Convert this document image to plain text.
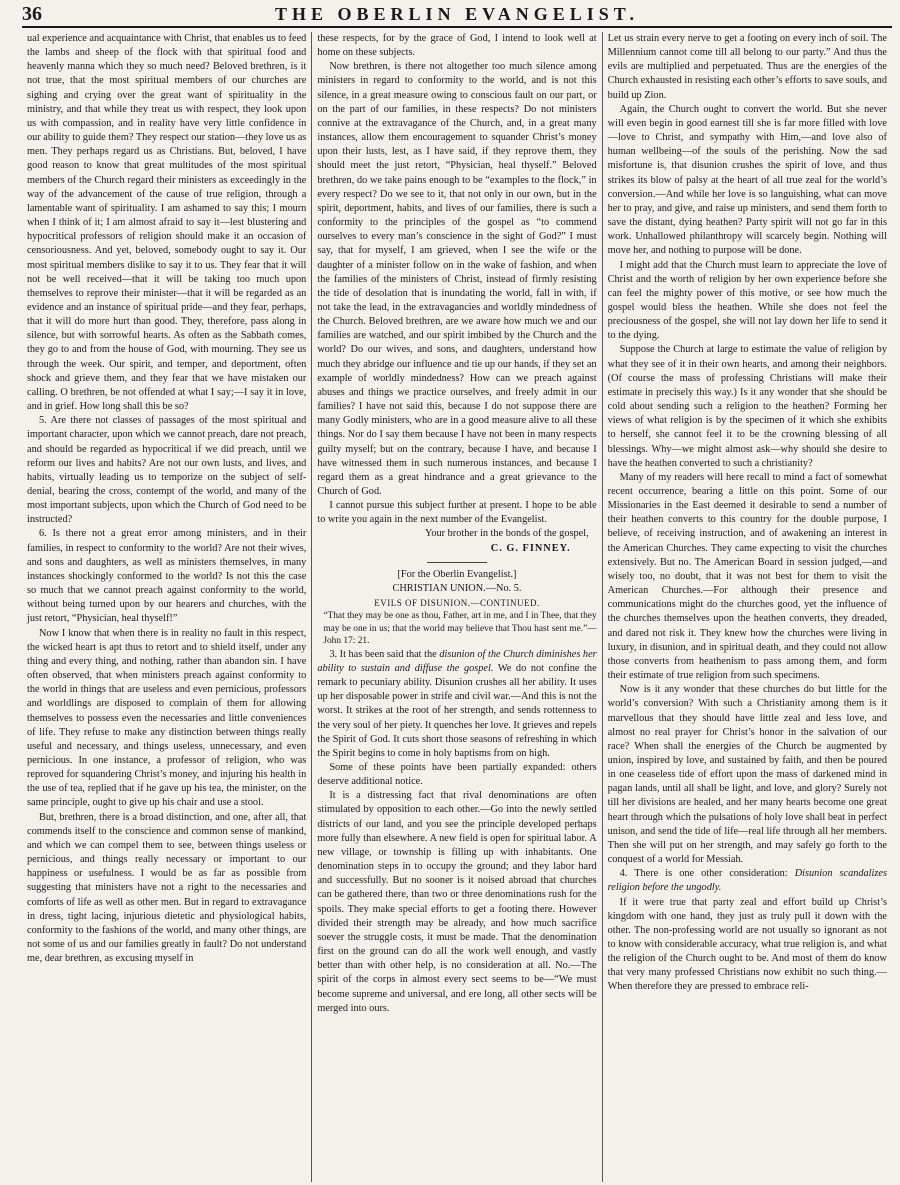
36	THE OBERLIN EVANGELIST.

ual experience and acquaintance with Christ, that enables us to feed the lambs and sheep of the flock with that spiritual food and heavenly manna which they so much need? Beloved brethren, is it not true, that the most spiritual members of our churches are sighing and crying over the great want of spirituality in the ministry, and that while they treat us with respect, they look upon us with compassion, and in reality have very little confidence in our ability to guide them? They respect our station—they love us as men. They perhaps regard us as Christians. But, beloved, I have good reason to know that great multitudes of the most spiritual members of the Church regard their ministers as exceedingly in the way of the advancement of the cause of true religion, through a lamentable want of spirituality. I am ashamed to say this; I mourn when I think of it; I am almost afraid to say it—lest blustering and hypocritical professors of religion should make it an occasion of censoriousness. And yet, beloved, somebody ought to say it. Our most spiritual members dislike to say it to us. They fear that it will not be well received—that it will be taking too much upon themselves to reprove their minister—that it will be regarded as an evidence and an instance of spiritual pride—and they fear, perhaps, that it will do more hurt than good. They, therefore, pass along in silence, but with sorrowful hearts. As often as the Sabbath comes, they go to and from the house of God, with mourning. They see us through the week. Our spirit, and temper, and deportment, often shock and grieve them, and they fear that we have mistaken our calling. O brethren, be not offended at what I say;—I say it in love, and in grief. How long shall this be so?

5. Are there not classes of passages of the most spiritual and important character, upon which we cannot preach, dare not preach, and should be regarded as hypocritical if we did preach, until we reform our lives and habits? Are not our own lusts, and lives, and habits, virtually leading us to temporize on the subject of self-denial, bearing the cross, contempt of the world, and many of the most important subjects, upon which the Church of God need to be instructed?

6. Is there not a great error among ministers, and in their families, in respect to conformity to the world? Are not their wives, and sons and daughters, as well as ministers themselves, in many instances shockingly conformed to the world? Is not this the case so much that we cannot preach against conformity to the world, without being turned upon by our hearers and churches, with the just retort, “Physician, heal thyself!”

Now I know that when there is in reality no fault in this respect, the wicked heart is apt thus to retort and to shield itself, under any thing and every thing, and nothing, rather than abandon sin. I have often observed, that when ministers preach against conformity to the world in things that are useless and even pernicious, professors and worldlings are disposed to complain of them for allowing themselves to possess even the necessaries and little conveniences of life. They refuse to make any distinction between things really useful and necessary, and things useless, unnecessary, and even pernicious. In one instance, a professor of religion, who was reproved for squandering Christ’s money, and injuring his health in the use of tea, replied that if he gave up his tea, the minister, on the same principle, ought to give up his chair and use a stool.

But, brethren, there is a broad distinction, and one, after all, that commends itself to the conscience and common sense of mankind, and which we can compel them to see, between things useless or pernicious, and things really necessary or important to our happiness or usefulness. I would be as far as possible from suggesting that ministers have not a right to the necessaries and comforts of life as well as other men. But in regard to extravagance in dress, tight lacing, injurious dietetic and physiological habits, conformity to the fashions of the world, and many other things, are not some of us and our families greatly in fault? Do not understand me, dear brethren, as excusing myself in

these respects, for by the grace of God, I intend to look well at home on these subjects.

Now brethren, is there not altogether too much silence among ministers in regard to conformity to the world, and is not this silence, in a great measure owing to conscious fault on our part, or on the part of our families, in these respects? Do not ministers connive at the extravagance of the Church, and, in a great many instances, allow them encouragement to squander Christ’s money upon their lusts, lest, as I have said, if they reprove them, they should meet the just retort, “Physician, heal thyself.” Beloved brethren, do we take pains enough to be “examples to the flock,” in every respect? Do we see to it, that not only in our own, but in the spirit, deportment, habits, and lives of our families, there is such a conformity to the principles of the gospel as “to commend ourselves to every man’s conscience in the sight of God?” I must say, that for myself, I am grieved, when I see the wife or the daughter of a minister follow on in the wake of fashion, and when the families of the ministers of Christ, instead of firmly resisting the tide of desolation that is inundating the world, fall in with, if not take the lead, in the extravagancies and worldly mindedness of the Church. Beloved brethren, are we aware how much we and our families are watched, and our spirit imbibed by the Church and the world? Do our wives, and sons, and daughters, understand how much they abridge our influence and tie up our hands, if they set an example of worldly mindedness? How can we preach against abuses and things we practice ourselves, and freely admit in our families? I have not said this, because I do not suppose there are many Godly ministers, who are in a good measure alive to all these things. Nor do I say them because I have not been in many respects guilty myself; but on the contrary, because I have, and because I have witnessed them in such numerous instances, and because I regard them as a great hindrance and a great grievance to the Church of God.

I cannot pursue this subject further at present. I hope to be able to write you again in the next number of the Evangelist.

Your brother in the bonds of the gospel,

C. G. FINNEY.

[For the Oberlin Evangelist.]

CHRISTIAN UNION.—No. 5.

EVILS OF DISUNION.—CONTINUED.

“That they may be one as thou, Father, art in me, and I in Thee, that they may be one in us; that the world may believe that Thou hast sent me.”—John 17: 21.

3. It has been said that the disunion of the Church diminishes her ability to sustain and diffuse the gospel. We do not confine the remark to pecuniary ability. Disunion crushes all her ability. It uses up her disposable power in strife and civil war.—And this is not the worst. It strikes at the root of her strength, and sends rottenness to the very soul of her piety. It quenches her love. It grieves and repels the Spirit of God. It cuts short those seasons of refreshing in which the Spirit begins to come in holy baptisms from on high.

Some of these points have been partially expanded: others deserve additional notice.

It is a distressing fact that rival denominations are often stimulated by opposition to each other.—Go into the newly settled districts of our land, and you see the principle developed perhaps more fully than elsewhere. A new field is open for spiritual labor. A new village, or township is filling up with inhabitants. One denomination steps in to occupy the ground; and they labor hard and successfully. But no sooner is it noised abroad that churches can be gathered there, than two or three denominations rush for the spoils. They make special efforts to get a footing there. However divided their strength may be already, and how much sacrifice soever the struggle costs, it must be made. That the denomination first on the ground can do all the work well enough, and vastly better than with other help, is no consideration at all. No.—The spirit of the corps in almost every sect seems to be—“We must become supreme and universal, and ere long, all other sects will be merged into ours.

Let us strain every nerve to get a footing on every inch of soil. The Millennium cannot come till all belong to our party.” And thus the evils are multiplied and perpetuated. Thus are the energies of the Church exhausted in resisting each other’s efforts to save souls, and build up Zion.

Again, the Church ought to convert the world. But she never will even begin in good earnest till she is far more filled with love—love to Christ, and sympathy with Him,—and love also of human wellbeing—of the souls of the perishing. Now the sad misfortune is, that disunion crushes the spirit of love, and thus strikes its blow of palsy at the heart of all true zeal for the world’s conversion.—And while her love is so languishing, what can move her to pray, and give, and raise up ministers, and send them forth to save the distant, dying heathen? Party spirit will not go far in this work. Unhallowed philanthropy will scarcely begin. Nothing will move her, and nothing to purpose will be done.

I might add that the Church must learn to appreciate the love of Christ and the worth of religion by her own experience before she can feel the mighty power of this motive, or see how much the gospel would bless the heathen. While she does not feel the preciousness of the gospel, she will not lay down her life to send it to the dying.

Suppose the Church at large to estimate the value of religion by what they see of it in their own hearts, and among their neighbors. (Of course the mass of professing Christians will make their estimate in precisely this way.) Is it any wonder that she should be cold about sending such a religion to the heathen? Forming her views of what religion is by the specimen of it which she exhibits to herself, she cannot feel it to be the crowning blessing of all blessings. Why—we might almost ask—why should she desire to have the heathen converted to such a christianity?

Many of my readers will here recall to mind a fact of somewhat recent occurrence, bearing a little on this point. Some of our Missionaries in the East deemed it desirable to send a number of their heathen converts to this country for the double purpose, I believe, of receiving instruction, and of awakening an interest in the American Churches. They came expecting to visit the churches extensively. But no. The American Board in session judged,—and wisely too, no doubt, that it was not best for them to visit the American Churches.—For although their presence and communications might do the churches good, yet the influence of the churches themselves upon the heathen converts, they dreaded, and dared not risk it. They knew how the churches were living in luxury, in disunion, and in spiritual death, and they could not allow those converts from heathenism to pass among them, and form their estimate of true religion from such specimens.

Now is it any wonder that these churches do but little for the world’s conversion? With such a Christianity among them is it marvellous that they should have little zeal and less love, and almost no real prayer for Christ’s honor in the salvation of our race? When shall the energies of the Church be augmented by union, inspired by love, and sustained by faith, and then be poured in one ceaseless tide of effort upon the mass of darkened mind in pagan lands, until all shall be light, and love, and glory? Surely not till her divisions are healed, and her many hearts become one great heart through which the pulsations of holy love shall beat in perfect unison, and send the tide of life—real life through all her members. Then she will put on her strength, and may safely go forth to the conquest of a world for Messiah.

4. There is one other consideration: Disunion scandalizes religion before the ungodly.

If it were true that party zeal and effort build up Christ’s kingdom with one hand, they just as truly pull it down with the other. The non-professing world are not usually so ignorant as not to know with considerable accuracy, what true religion is, and what the religion of the Church ought to be. And most of them do know that very many professed Christians now exhibit no such thing.—When therefore they are pressed to embrace reli-
